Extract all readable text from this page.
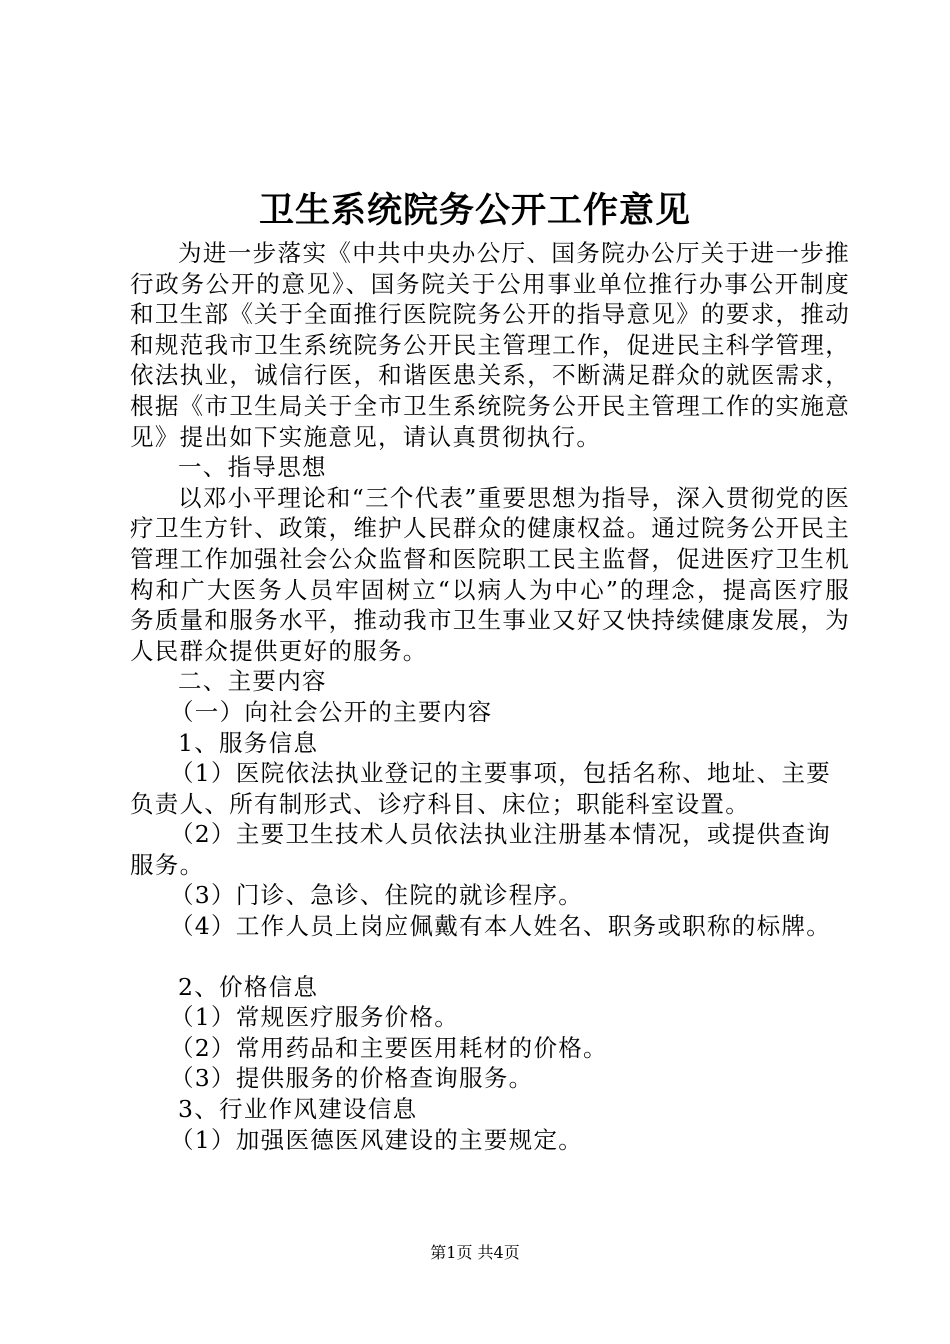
卫生系统院务公开工作意见

为进一步落实《中共中央办公厅、国务院办公厅关于进一步推行政务公开的意见》、国务院关于公用事业单位推行办事公开制度和卫生部《关于全面推行医院院务公开的指导意见》的要求，推动和规范我市卫生系统院务公开民主管理工作，促进民主科学管理，依法执业，诚信行医，和谐医患关系，不断满足群众的就医需求，根据《市卫生局关于全市卫生系统院务公开民主管理工作的实施意见》提出如下实施意见，请认真贯彻执行。

一、指导思想

以邓小平理论和“三个代表”重要思想为指导，深入贯彻党的医疗卫生方针、政策，维护人民群众的健康权益。通过院务公开民主管理工作加强社会公众监督和医院职工民主监督，促进医疗卫生机构和广大医务人员牢固树立“以病人为中心”的理念，提高医疗服务质量和服务水平，推动我市卫生事业又好又快持续健康发展，为人民群众提供更好的服务。

二、主要内容

（一）向社会公开的主要内容

1、服务信息

（1）医院依法执业登记的主要事项，包括名称、地址、主要负责人、所有制形式、诊疗科目、床位；职能科室设置。

（2）主要卫生技术人员依法执业注册基本情况，或提供查询服务。

（3）门诊、急诊、住院的就诊程序。

（4）工作人员上岗应佩戴有本人姓名、职务或职称的标牌。

2、价格信息

（1）常规医疗服务价格。

（2）常用药品和主要医用耗材的价格。

（3）提供服务的价格查询服务。

3、行业作风建设信息

（1）加强医德医风建设的主要规定。

第1页 共4页
